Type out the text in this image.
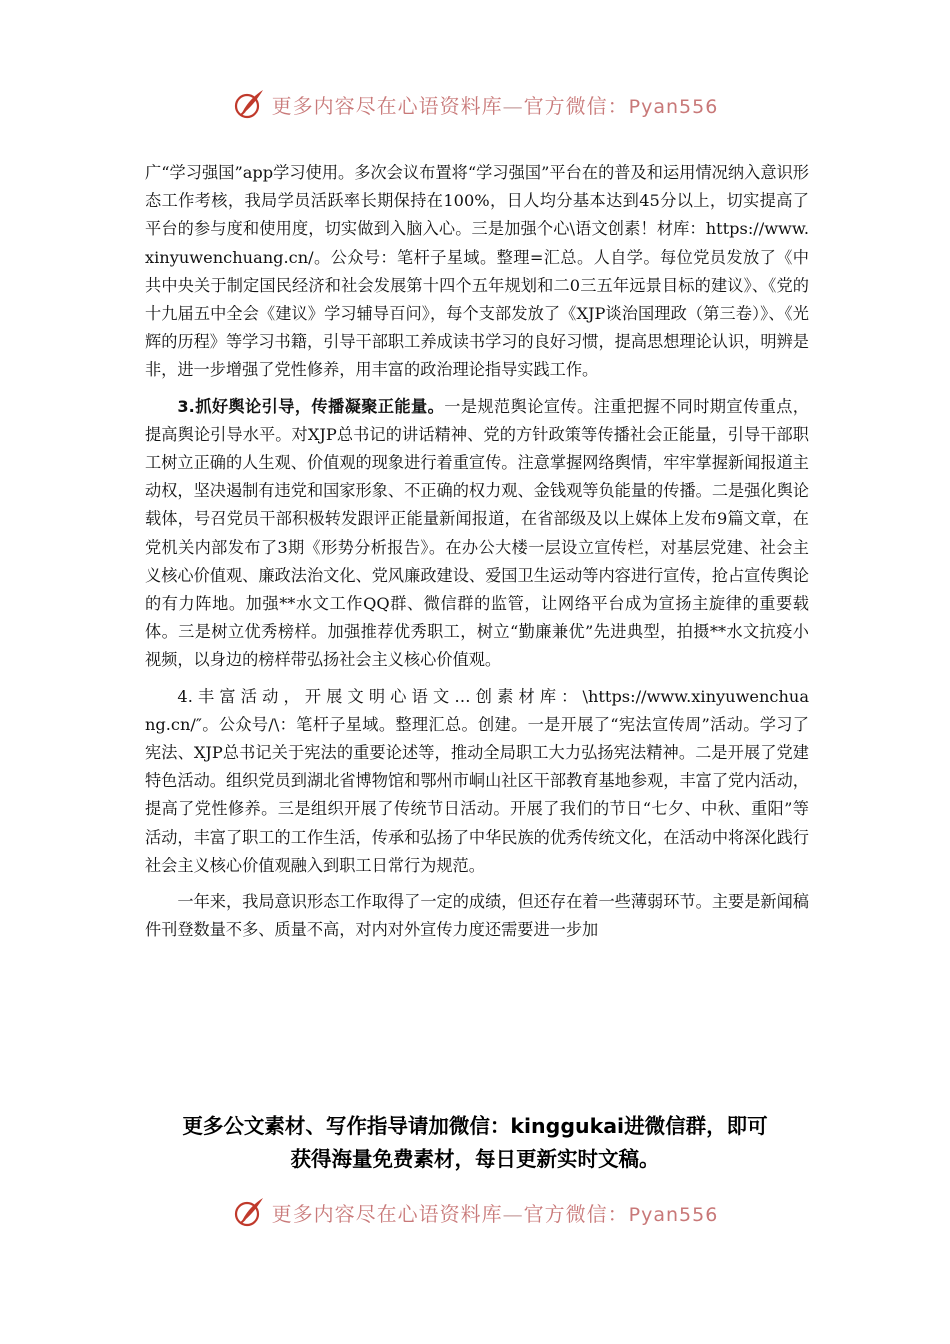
更多内容尽在心语资料库—官方微信：Pyan556

广“学习强国”app学习使用。多次会议布置将“学习强国”平台在的普及和运用情况纳入意识形态工作考核，我局学员活跃率长期保持在100%，日人均分基本达到45分以上，切实提高了平台的参与度和使用度，切实做到入脑入心。三是加强个心\语文创素！材库：https://www.xinyuwenchuang.cn/。公众号：笔杆子星域。整理=汇总。人自学。每位党员发放了《中共中央关于制定国民经济和社会发展第十四个五年规划和二0三五年远景目标的建议》、《党的十九届五中全会《建议》学习辅导百问》，每个支部发放了《XJP谈治国理政（第三卷）》、《光辉的历程》等学习书籍，引导干部职工养成读书学习的良好习惯，提高思想理论认识，明辨是非，进一步增强了党性修养，用丰富的政治理论指导实践工作。

3.抓好舆论引导，传播凝聚正能量。一是规范舆论宣传。注重把握不同时期宣传重点，提高舆论引导水平。对XJP总书记的讲话精神、党的方针政策等传播社会正能量，引导干部职工树立正确的人生观、价值观的现象进行着重宣传。注意掌握网络舆情，牢牢掌握新闻报道主动权，坚决遏制有违党和国家形象、不正确的权力观、金钱观等负能量的传播。二是强化舆论载体，号召党员干部积极转发跟评正能量新闻报道，在省部级及以上媒体上发布9篇文章，在党机关内部发布了3期《形势分析报告》。在办公大楼一层设立宣传栏，对基层党建、社会主义核心价值观、廉政法治文化、党风廉政建设、爱国卫生运动等内容进行宣传，抢占宣传舆论的有力阵地。加强**水文工作QQ群、微信群的监管，让网络平台成为宣扬主旋律的重要载体。三是树立优秀榜样。加强推荐优秀职工，树立“勤廉兼优”先进典型，拍摄**水文抗疫小视频，以身边的榜样带弘扬社会主义核心价值观。

4. 丰 富 活 动 ， 开 展 文 明 心 语 文 … 创 素 材 库 ： \https://www.xinyuwenchuang.cn/″。公众号/\：笔杆子星域。整理汇总。创建。一是开展了“宪法宣传周”活动。学习了宪法、XJP总书记关于宪法的重要论述等，推动全局职工大力弘扬宪法精神。二是开展了党建特色活动。组织党员到湖北省博物馆和鄂州市峒山社区干部教育基地参观，丰富了党内活动，提高了党性修养。三是组织开展了传统节日活动。开展了我们的节日“七夕、中秋、重阳”等活动，丰富了职工的工作生活，传承和弘扬了中华民族的优秀传统文化，在活动中将深化践行社会主义核心价值观融入到职工日常行为规范。

一年来，我局意识形态工作取得了一定的成绩，但还存在着一些薄弱环节。主要是新闻稿件刊登数量不多、质量不高，对内对外宣传力度还需要进一步加

更多公文素材、写作指导请加微信：kinggukai进微信群，即可
获得海量免费素材，每日更新实时文稿。
更多内容尽在心语资料库—官方微信：Pyan556
